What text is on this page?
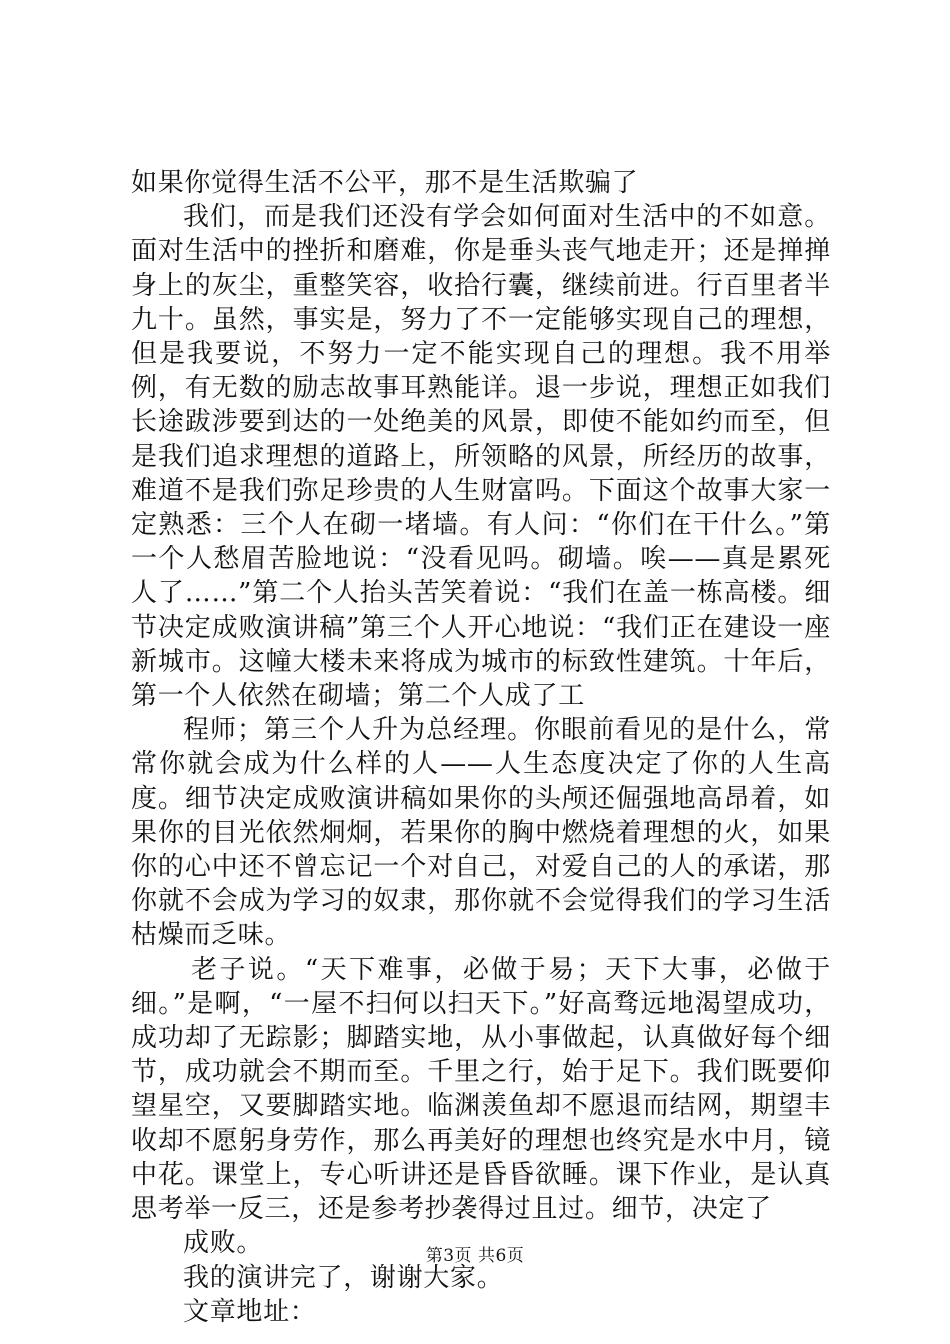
如果你觉得生活不公平，那不是生活欺骗了

我们，而是我们还没有学会如何面对生活中的不如意。面对生活中的挫折和磨难，你是垂头丧气地走开；还是掸掸身上的灰尘，重整笑容，收拾行囊，继续前进。行百里者半九十。虽然，事实是，努力了不一定能够实现自己的理想，但是我要说，不努力一定不能实现自己的理想。我不用举例，有无数的励志故事耳熟能详。退一步说，理想正如我们长途跋涉要到达的一处绝美的风景，即使不能如约而至，但是我们追求理想的道路上，所领略的风景，所经历的故事，难道不是我们弥足珍贵的人生财富吗。下面这个故事大家一定熟悉：三个人在砌一堵墙。有人问：“你们在干什么。”第一个人愁眉苦脸地说：“没看见吗。砌墙。唉——真是累死人了……”第二个人抬头苦笑着说：“我们在盖一栋高楼。细节决定成败演讲稿”第三个人开心地说：“我们正在建设一座新城市。这幢大楼未来将成为城市的标致性建筑。十年后，第一个人依然在砌墙；第二个人成了工

程师；第三个人升为总经理。你眼前看见的是什么，常常你就会成为什么样的人——人生态度决定了你的人生高度。细节决定成败演讲稿如果你的头颅还倔强地高昂着，如果你的目光依然炯炯，若果你的胸中燃烧着理想的火，如果你的心中还不曾忘记一个对自己，对爱自己的人的承诺，那你就不会成为学习的奴隶，那你就不会觉得我们的学习生活枯燥而乏味。

老子说。“天下难事，必做于易；天下大事，必做于细。”是啊，“一屋不扫何以扫天下。”好高骛远地渴望成功，成功却了无踪影；脚踏实地，从小事做起，认真做好每个细节，成功就会不期而至。千里之行，始于足下。我们既要仰望星空，又要脚踏实地。临渊羡鱼却不愿退而结网，期望丰收却不愿躬身劳作，那么再美好的理想也终究是水中月，镜中花。课堂上，专心听讲还是昏昏欲睡。课下作业，是认真思考举一反三，还是参考抄袭得过且过。细节，决定了

成败。

我的演讲完了，谢谢大家。

文章地址：

第3页 共6页
